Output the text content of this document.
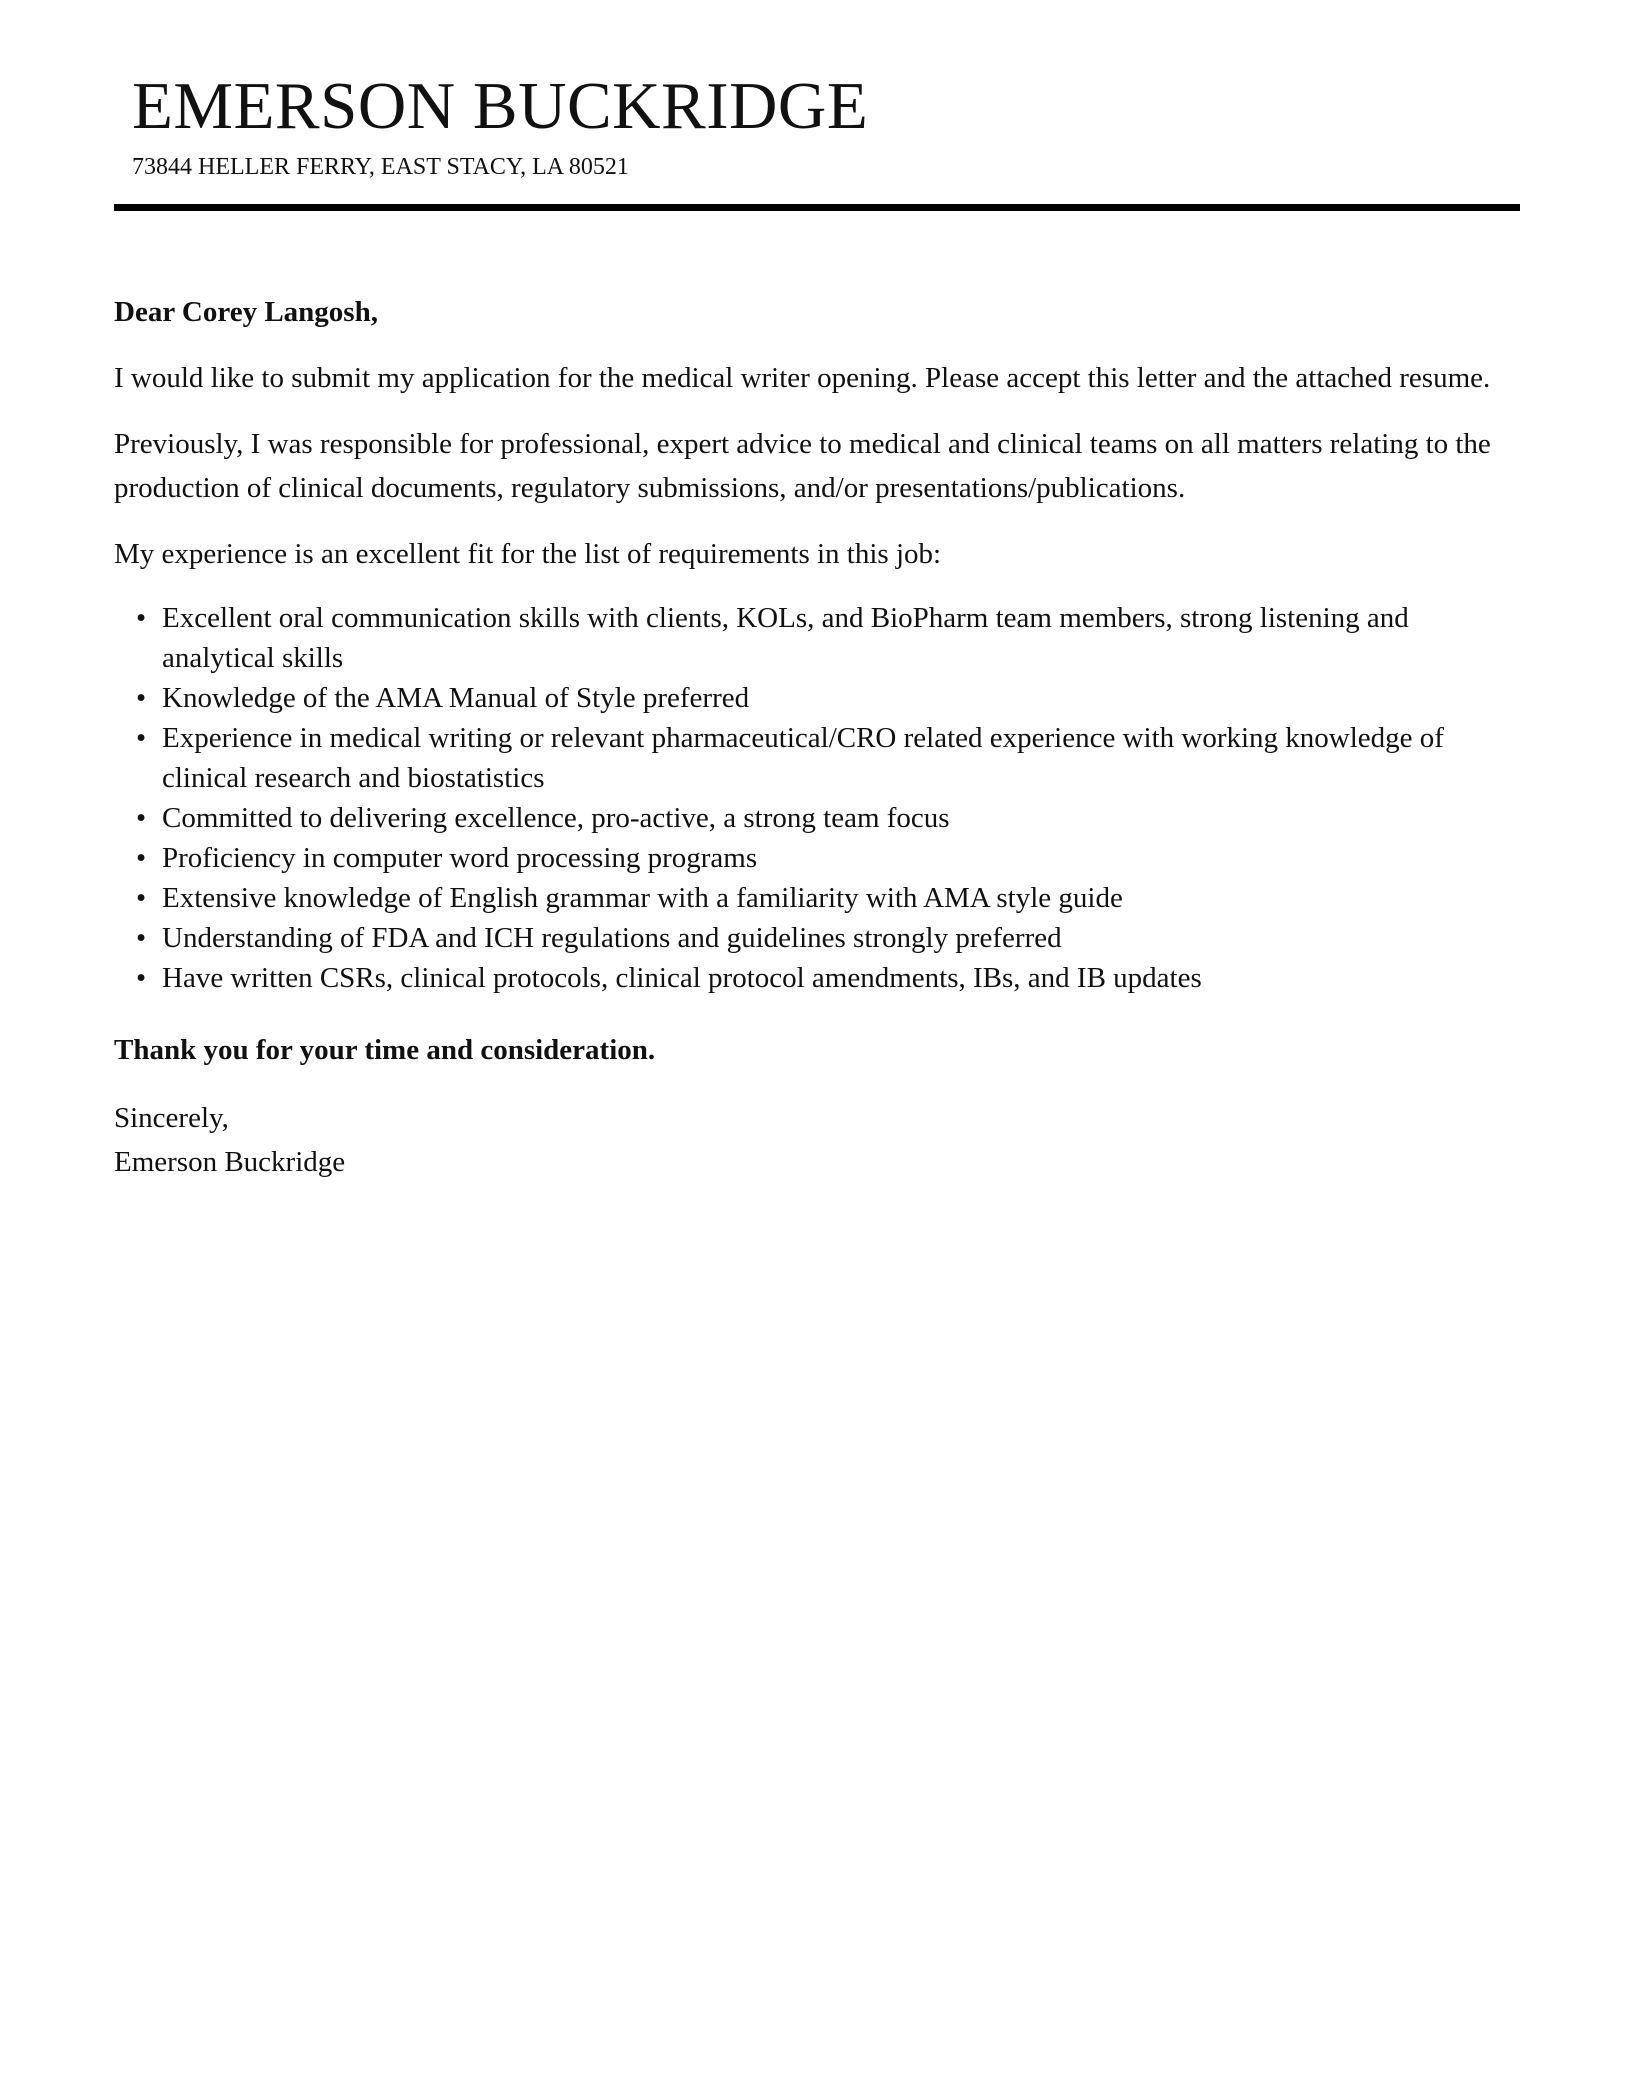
EMERSON BUCKRIDGE
73844 HELLER FERRY, EAST STACY, LA 80521

Dear Corey Langosh,

I would like to submit my application for the medical writer opening. Please accept this letter and the attached resume.

Previously, I was responsible for professional, expert advice to medical and clinical teams on all matters relating to the production of clinical documents, regulatory submissions, and/or presentations/publications.

My experience is an excellent fit for the list of requirements in this job:

• Excellent oral communication skills with clients, KOLs, and BioPharm team members, strong listening and analytical skills
• Knowledge of the AMA Manual of Style preferred
• Experience in medical writing or relevant pharmaceutical/CRO related experience with working knowledge of clinical research and biostatistics
• Committed to delivering excellence, pro-active, a strong team focus
• Proficiency in computer word processing programs
• Extensive knowledge of English grammar with a familiarity with AMA style guide
• Understanding of FDA and ICH regulations and guidelines strongly preferred
• Have written CSRs, clinical protocols, clinical protocol amendments, IBs, and IB updates

Thank you for your time and consideration.

Sincerely,
Emerson Buckridge
